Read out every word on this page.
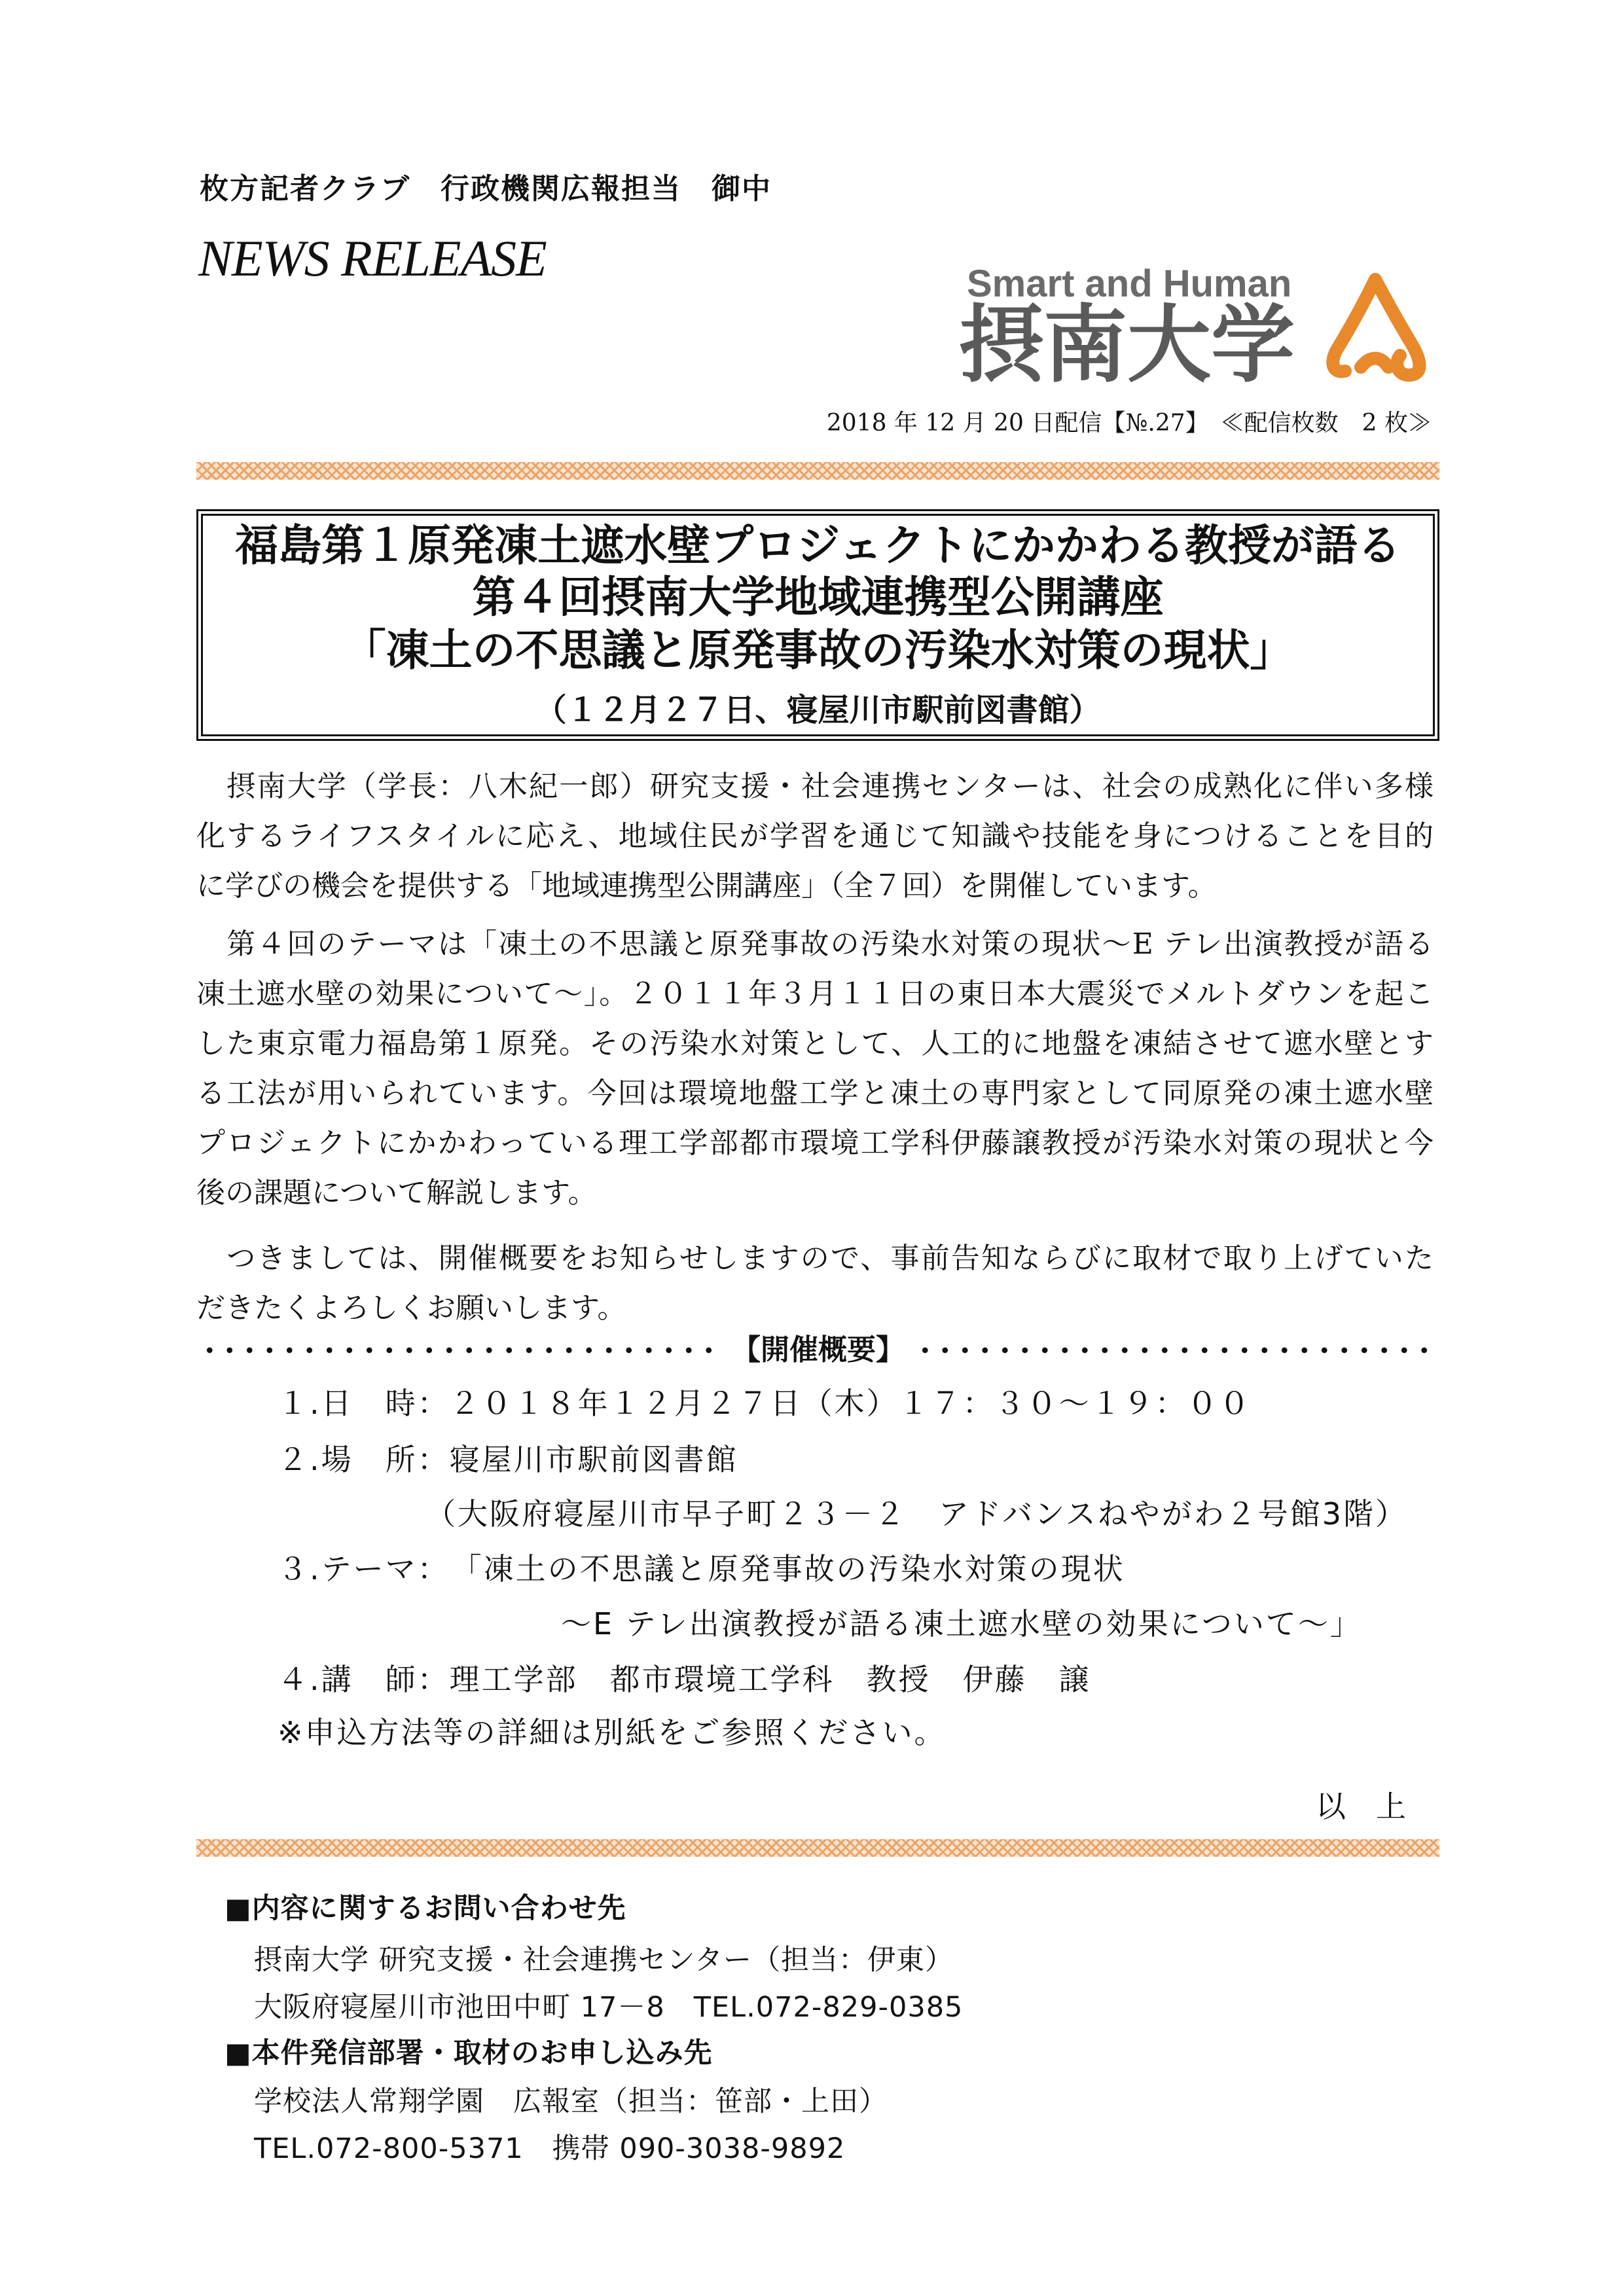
枚方記者クラブ　行政機関広報担当　御中
NEWS RELEASE	Smart and Human
摂南大学
2018 年 12 月 20 日配信【№.27】　≪配信枚数　2 枚≫
福島第１原発凍土遮水壁プロジェクトにかかわる教授が語る
第４回摂南大学地域連携型公開講座
「凍土の不思議と原発事故の汚染水対策の現状」
（１２月２７日、寝屋川市駅前図書館）
　摂南大学（学長：八木紀一郎）研究支援・社会連携センターは、社会の成熟化に伴い多様
化するライフスタイルに応え、地域住民が学習を通じて知識や技能を身につけることを目的
に学びの機会を提供する「地域連携型公開講座」（全７回）を開催しています。
　第４回のテーマは「凍土の不思議と原発事故の汚染水対策の現状～E テレ出演教授が語る
凍土遮水壁の効果について～」。２０１１年３月１１日の東日本大震災でメルトダウンを起こ
した東京電力福島第１原発。その汚染水対策として、人工的に地盤を凍結させて遮水壁とす
る工法が用いられています。今回は環境地盤工学と凍土の専門家として同原発の凍土遮水壁
プロジェクトにかかわっている理工学部都市環境工学科伊藤譲教授が汚染水対策の現状と今
後の課題について解説します。
　つきましては、開催概要をお知らせしますので、事前告知ならびに取材で取り上げていた
だきたくよろしくお願いします。
【開催概要】
１.日　時：２０１８年１２月２７日（木）１７：３０～１９：００
２.場　所：寝屋川市駅前図書館
（大阪府寝屋川市早子町２３－２　アドバンスねやがわ２号館3階）
３.テーマ：　「凍土の不思議と原発事故の汚染水対策の現状
～E テレ出演教授が語る凍土遮水壁の効果について～」
４.講　師：理工学部　都市環境工学科　教授　伊藤　譲
※申込方法等の詳細は別紙をご参照ください。
以　上
■内容に関するお問い合わせ先
摂南大学 研究支援・社会連携センター（担当：伊東）
大阪府寝屋川市池田中町 17－8　TEL.072-829-0385
■本件発信部署・取材のお申し込み先
学校法人常翔学園　広報室（担当：笹部・上田）
TEL.072-800-5371　携帯 090-3038-9892
